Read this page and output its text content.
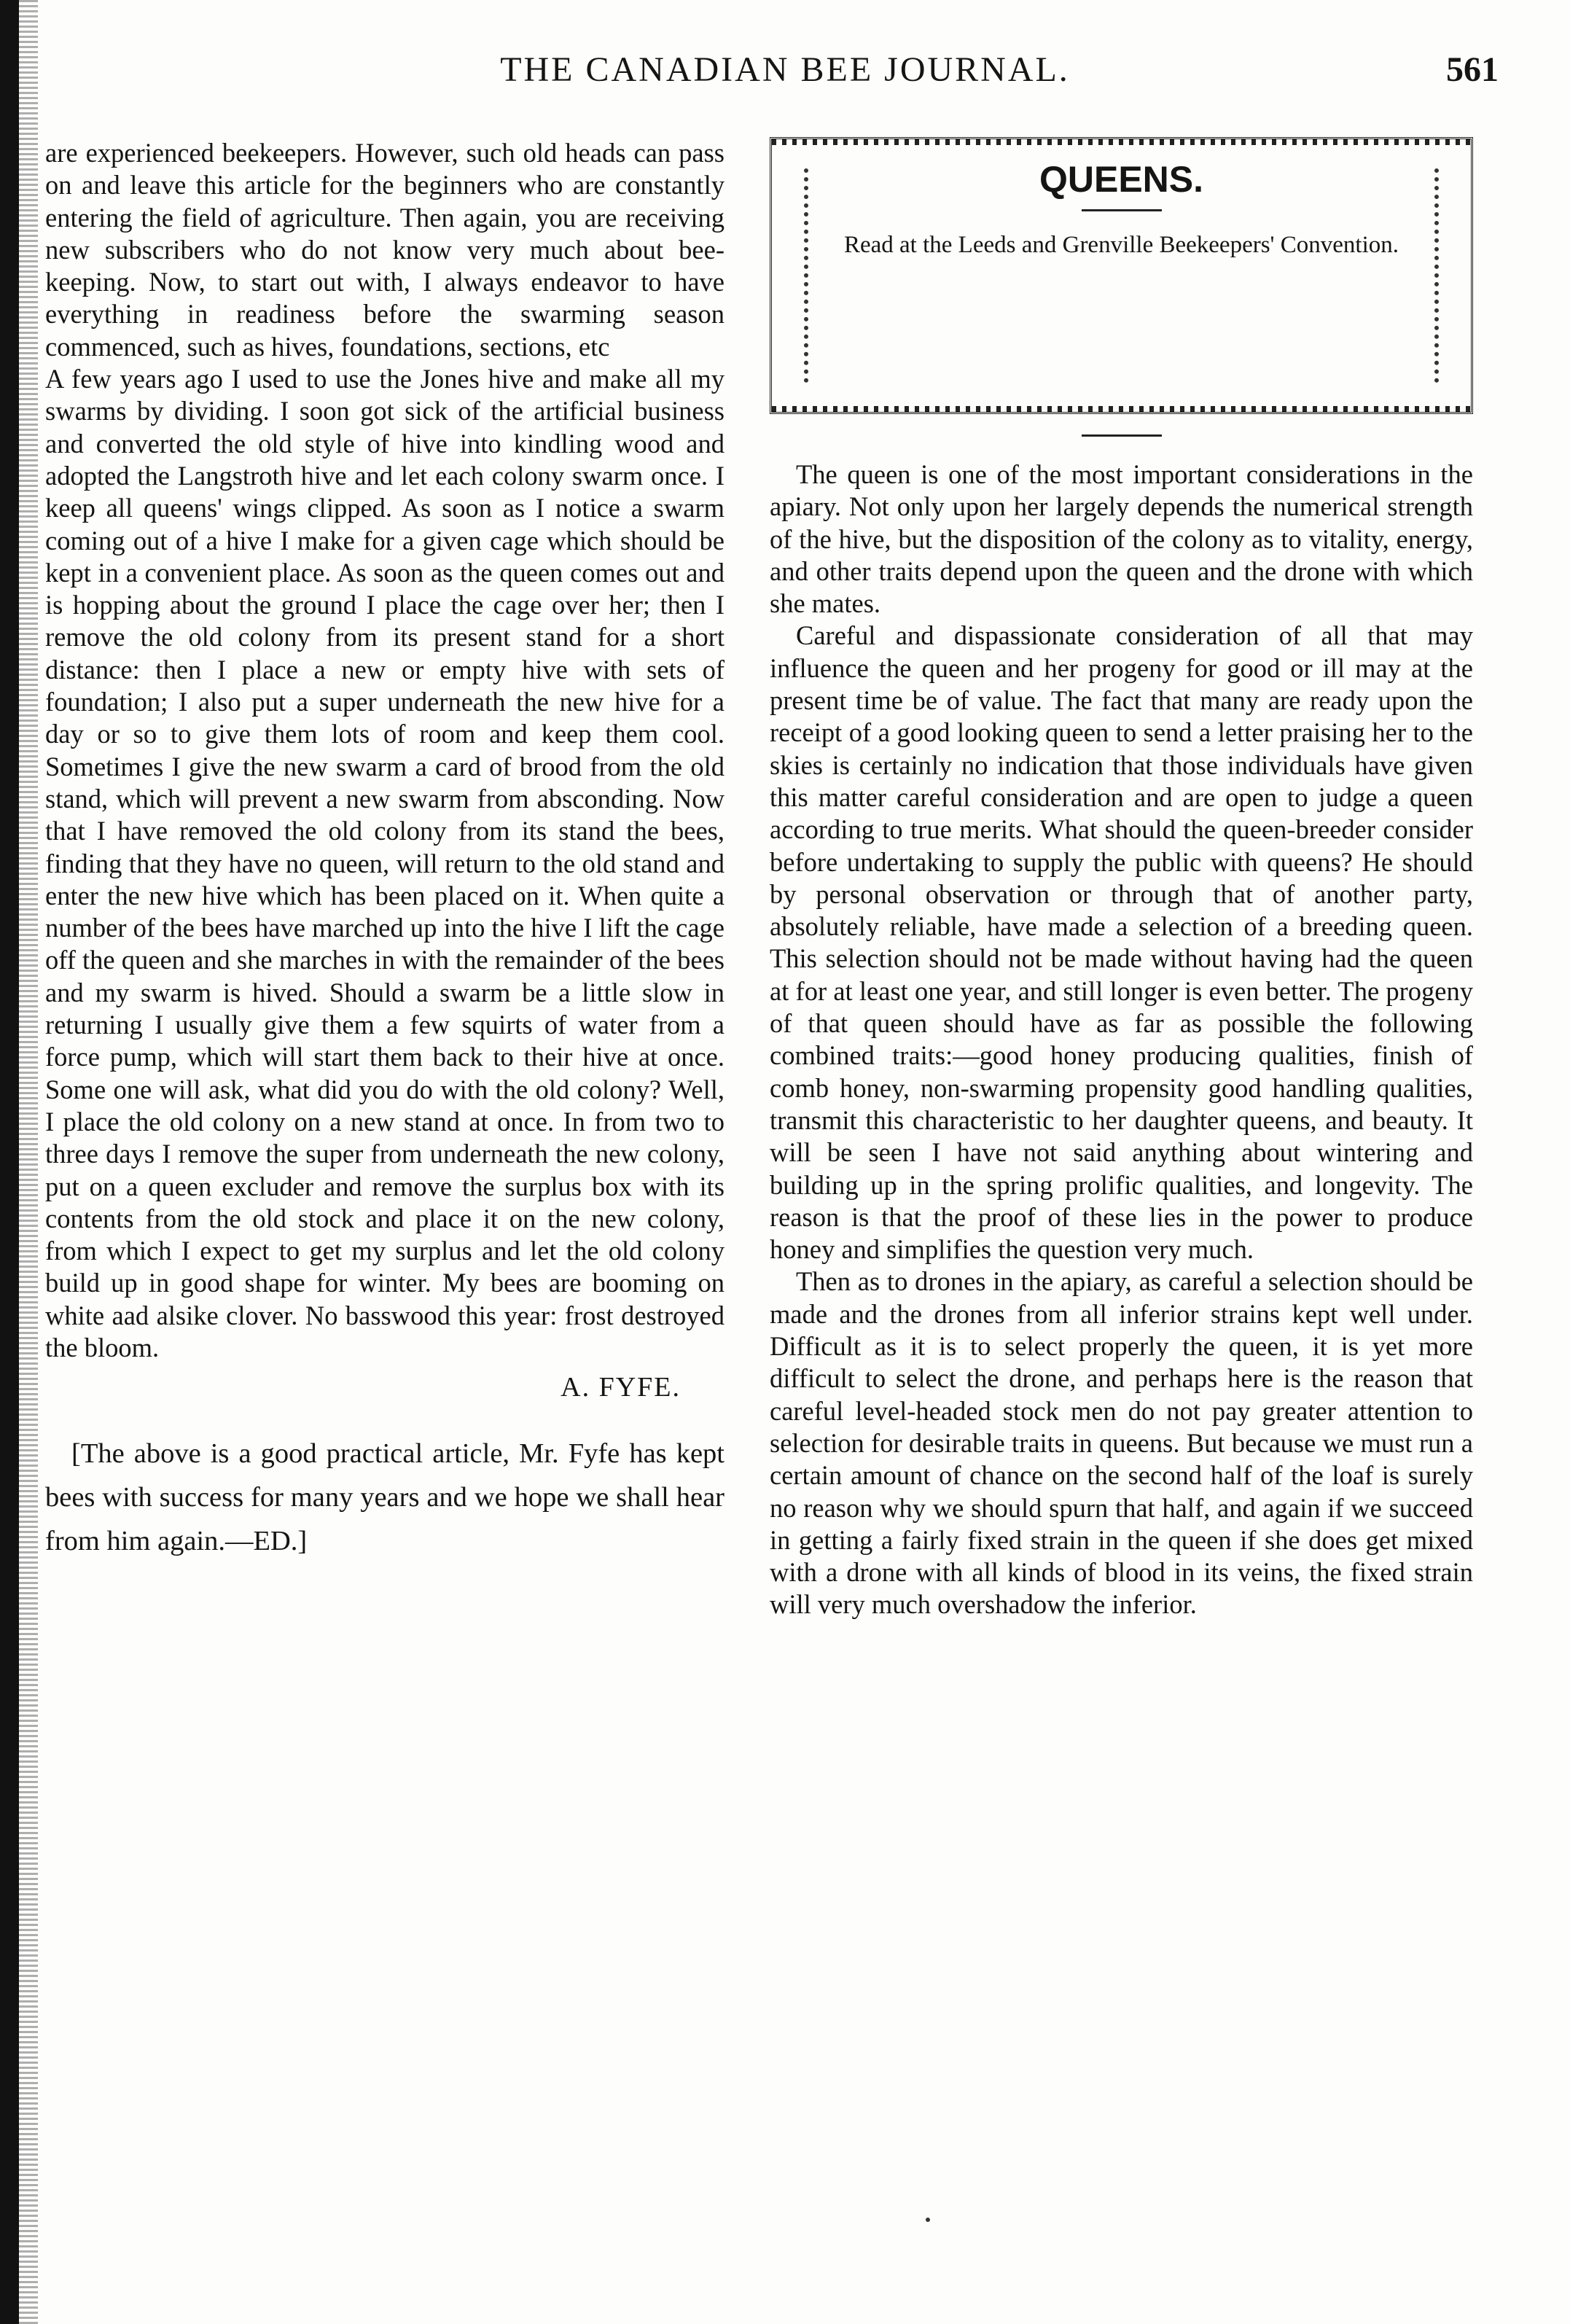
THE CANADIAN BEE JOURNAL.	561

are experienced beekeepers. However, such old heads can pass on and leave this article for the beginners who are constantly entering the field of agriculture. Then again, you are receiving new subscribers who do not know very much about bee-keeping. Now, to start out with, I always endeavor to have everything in readiness before the swarming season commenced, such as hives, foundations, sections, etc

A few years ago I used to use the Jones hive and make all my swarms by dividing. I soon got sick of the artificial business and converted the old style of hive into kindling wood and adopted the Langstroth hive and let each colony swarm once. I keep all queens' wings clipped. As soon as I notice a swarm coming out of a hive I make for a given cage which should be kept in a convenient place. As soon as the queen comes out and is hopping about the ground I place the cage over her; then I remove the old colony from its present stand for a short distance: then I place a new or empty hive with sets of foundation; I also put a super underneath the new hive for a day or so to give them lots of room and keep them cool. Sometimes I give the new swarm a card of brood from the old stand, which will prevent a new swarm from absconding. Now that I have removed the old colony from its stand the bees, finding that they have no queen, will return to the old stand and enter the new hive which has been placed on it. When quite a number of the bees have marched up into the hive I lift the cage off the queen and she marches in with the remainder of the bees and my swarm is hived. Should a swarm be a little slow in returning I usually give them a few squirts of water from a force pump, which will start them back to their hive at once. Some one will ask, what did you do with the old colony? Well, I place the old colony on a new stand at once. In from two to three days I remove the super from underneath the new colony, put on a queen excluder and remove the surplus box with its contents from the old stock and place it on the new colony, from which I expect to get my surplus and let the old colony build up in good shape for winter. My bees are booming on white aad alsike clover. No basswood this year: frost destroyed the bloom.

A. FYFE.

[The above is a good practical article, Mr. Fyfe has kept bees with success for many years and we hope we shall hear from him again.—ED.]

QUEENS.
Read at the Leeds and Grenville Beekeepers' Convention.

The queen is one of the most important considerations in the apiary. Not only upon her largely depends the numerical strength of the hive, but the disposition of the colony as to vitality, energy, and other traits depend upon the queen and the drone with which she mates.

Careful and dispassionate consideration of all that may influence the queen and her progeny for good or ill may at the present time be of value. The fact that many are ready upon the receipt of a good looking queen to send a letter praising her to the skies is certainly no indication that those individuals have given this matter careful consideration and are open to judge a queen according to true merits. What should the queen-breeder consider before undertaking to supply the public with queens? He should by personal observation or through that of another party, absolutely reliable, have made a selection of a breeding queen. This selection should not be made without having had the queen at for at least one year, and still longer is even better. The progeny of that queen should have as far as possible the following combined traits:—good honey producing qualities, finish of comb honey, non-swarming propensity good handling qualities, transmit this characteristic to her daughter queens, and beauty. It will be seen I have not said anything about wintering and building up in the spring prolific qualities, and longevity. The reason is that the proof of these lies in the power to produce honey and simplifies the question very much.

Then as to drones in the apiary, as careful a selection should be made and the drones from all inferior strains kept well under. Difficult as it is to select properly the queen, it is yet more difficult to select the drone, and perhaps here is the reason that careful level-headed stock men do not pay greater attention to selection for desirable traits in queens. But because we must run a certain amount of chance on the second half of the loaf is surely no reason why we should spurn that half, and again if we succeed in getting a fairly fixed strain in the queen if she does get mixed with a drone with all kinds of blood in its veins, the fixed strain will very much overshadow the inferior.
